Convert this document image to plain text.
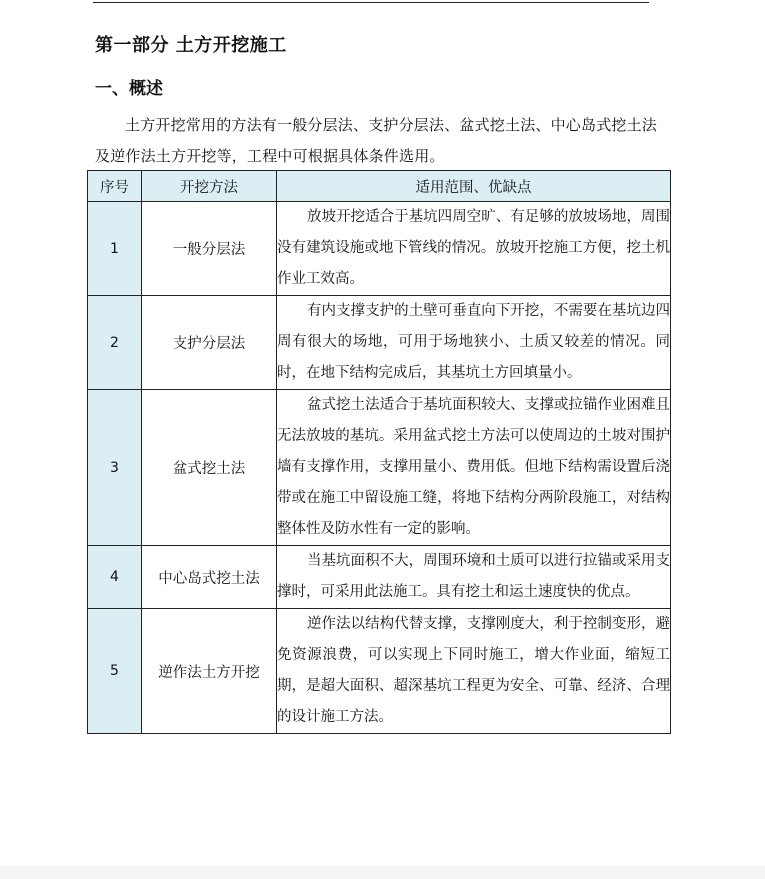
第一部分 土方开挖施工
一、概述

土方开挖常用的方法有一般分层法、支护分层法、盆式挖土法、中心岛式挖土法及逆作法土方开挖等，工程中可根据具体条件选用。

序号	开挖方法	适用范围、优缺点
1	一般分层法	放坡开挖适合于基坑四周空旷、有足够的放坡场地，周围没有建筑设施或地下管线的情况。放坡开挖施工方便，挖土机作业工效高。
2	支护分层法	有内支撑支护的土壁可垂直向下开挖，不需要在基坑边四周有很大的场地，可用于场地狭小、土质又较差的情况。同时，在地下结构完成后，其基坑土方回填量小。
3	盆式挖土法	盆式挖土法适合于基坑面积较大、支撑或拉锚作业困难且无法放坡的基坑。采用盆式挖土方法可以使周边的土坡对围护墙有支撑作用，支撑用量小、费用低。但地下结构需设置后浇带或在施工中留设施工缝，将地下结构分两阶段施工，对结构整体性及防水性有一定的影响。
4	中心岛式挖土法	当基坑面积不大，周围环境和土质可以进行拉锚或采用支撑时，可采用此法施工。具有挖土和运土速度快的优点。
5	逆作法土方开挖	逆作法以结构代替支撑，支撑刚度大，利于控制变形，避免资源浪费，可以实现上下同时施工，增大作业面，缩短工期，是超大面积、超深基坑工程更为安全、可靠、经济、合理的设计施工方法。
